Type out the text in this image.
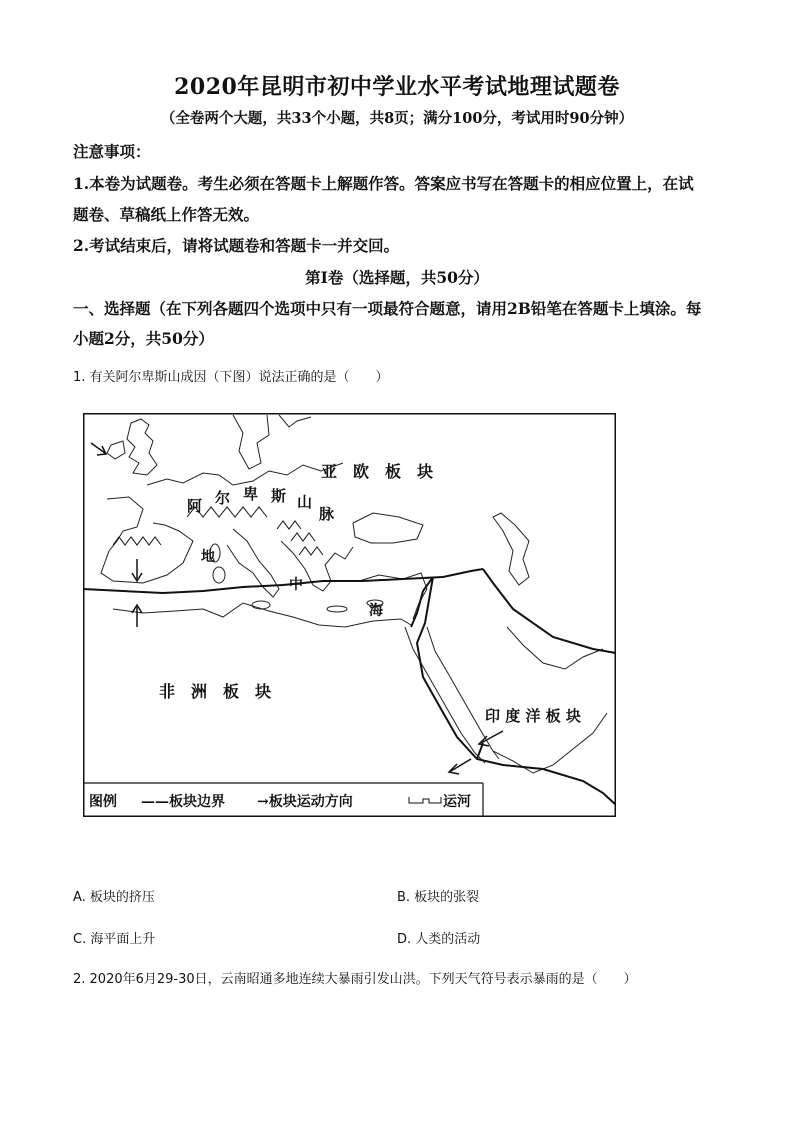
2020年昆明市初中学业水平考试地理试题卷
（全卷两个大题，共33个小题，共8页；满分100分，考试用时90分钟）
注意事项：
1.本卷为试题卷。考生必须在答题卡上解题作答。答案应书写在答题卡的相应位置上，在试
题卷、草稿纸上作答无效。
2.考试结束后，请将试题卷和答题卡一并交回。
第Ⅰ卷（选择题，共50分）
一、选择题（在下列各题四个选项中只有一项最符合题意，请用2B铅笔在答题卡上填涂。每
小题2分，共50分）
1. 有关阿尔卑斯山成因（下图）说法正确的是（　　）
亚　欧　板　块
非　洲　板　块
印 度 洋 板 块
阿 尔 卑 斯 山
脉
地
中
海
图例 ——板块边界 →板块运动方向	运河
A. 板块的挤压	B. 板块的张裂
C. 海平面上升	D. 人类的活动
2. 2020年6月29-30日，云南昭通多地连续大暴雨引发山洪。下列天气符号表示暴雨的是（　　）
